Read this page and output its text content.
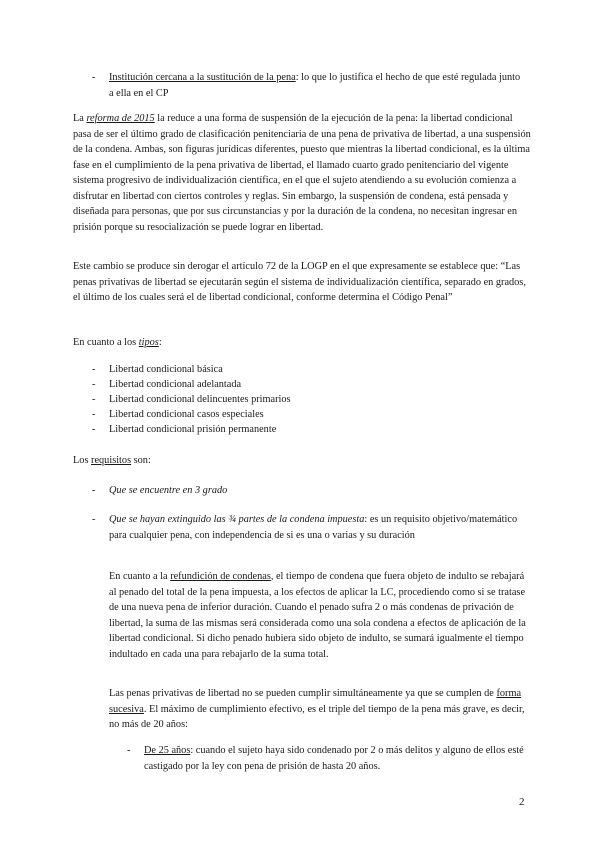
- Institución cercana a la sustitución de la pena: lo que lo justifica el hecho de que esté regulada junto a ella en el CP

La reforma de 2015 la reduce a una forma de suspensión de la ejecución de la pena: la libertad condicional pasa de ser el último grado de clasificación penitenciaria de una pena de privativa de libertad, a una suspensión de la condena. Ambas, son figuras jurídicas diferentes, puesto que mientras la libertad condicional, es la última fase en el cumplimiento de la pena privativa de libertad, el llamado cuarto grado penitenciario del vigente sistema progresivo de individualización científica, en el que el sujeto atendiendo a su evolución comienza a disfrutar en libertad con ciertos controles y reglas. Sin embargo, la suspensión de condena, está pensada y diseñada para personas, que por sus circunstancias y por la duración de la condena, no necesitan ingresar en prisión porque su resocialización se puede lograr en libertad.

Este cambio se produce sin derogar el artículo 72 de la LOGP en el que expresamente se establece que: “Las penas privativas de libertad se ejecutarán según el sistema de individualización científica, separado en grados, el último de los cuales será el de libertad condicional, conforme determina el Código Penal”

En cuanto a los tipos:

- Libertad condicional básica
- Libertad condicional adelantada
- Libertad condicional delincuentes primarios
- Libertad condicional casos especiales
- Libertad condicional prisión permanente

Los requisitos son:

- Que se encuentre en 3 grado
- Que se hayan extinguido las ¾ partes de la condena impuesta: es un requisito objetivo/matemático para cualquier pena, con independencia de si es una o varias y su duración

En cuanto a la refundición de condenas, el tiempo de condena que fuera objeto de indulto se rebajará al penado del total de la pena impuesta, a los efectos de aplicar la LC, procediendo como si se tratase de una nueva pena de inferior duración. Cuando el penado sufra 2 o más condenas de privación de libertad, la suma de las mismas será considerada como una sola condena a efectos de aplicación de la libertad condicional. Si dicho penado hubiera sido objeto de indulto, se sumará igualmente el tiempo indultado en cada una para rebajarlo de la suma total.

Las penas privativas de libertad no se pueden cumplir simultáneamente ya que se cumplen de forma sucesiva. El máximo de cumplimiento efectivo, es el triple del tiempo de la pena más grave, es decir, no más de 20 años:

- De 25 años: cuando el sujeto haya sido condenado por 2 o más delitos y alguno de ellos esté castigado por la ley con pena de prisión de hasta 20 años.
2
